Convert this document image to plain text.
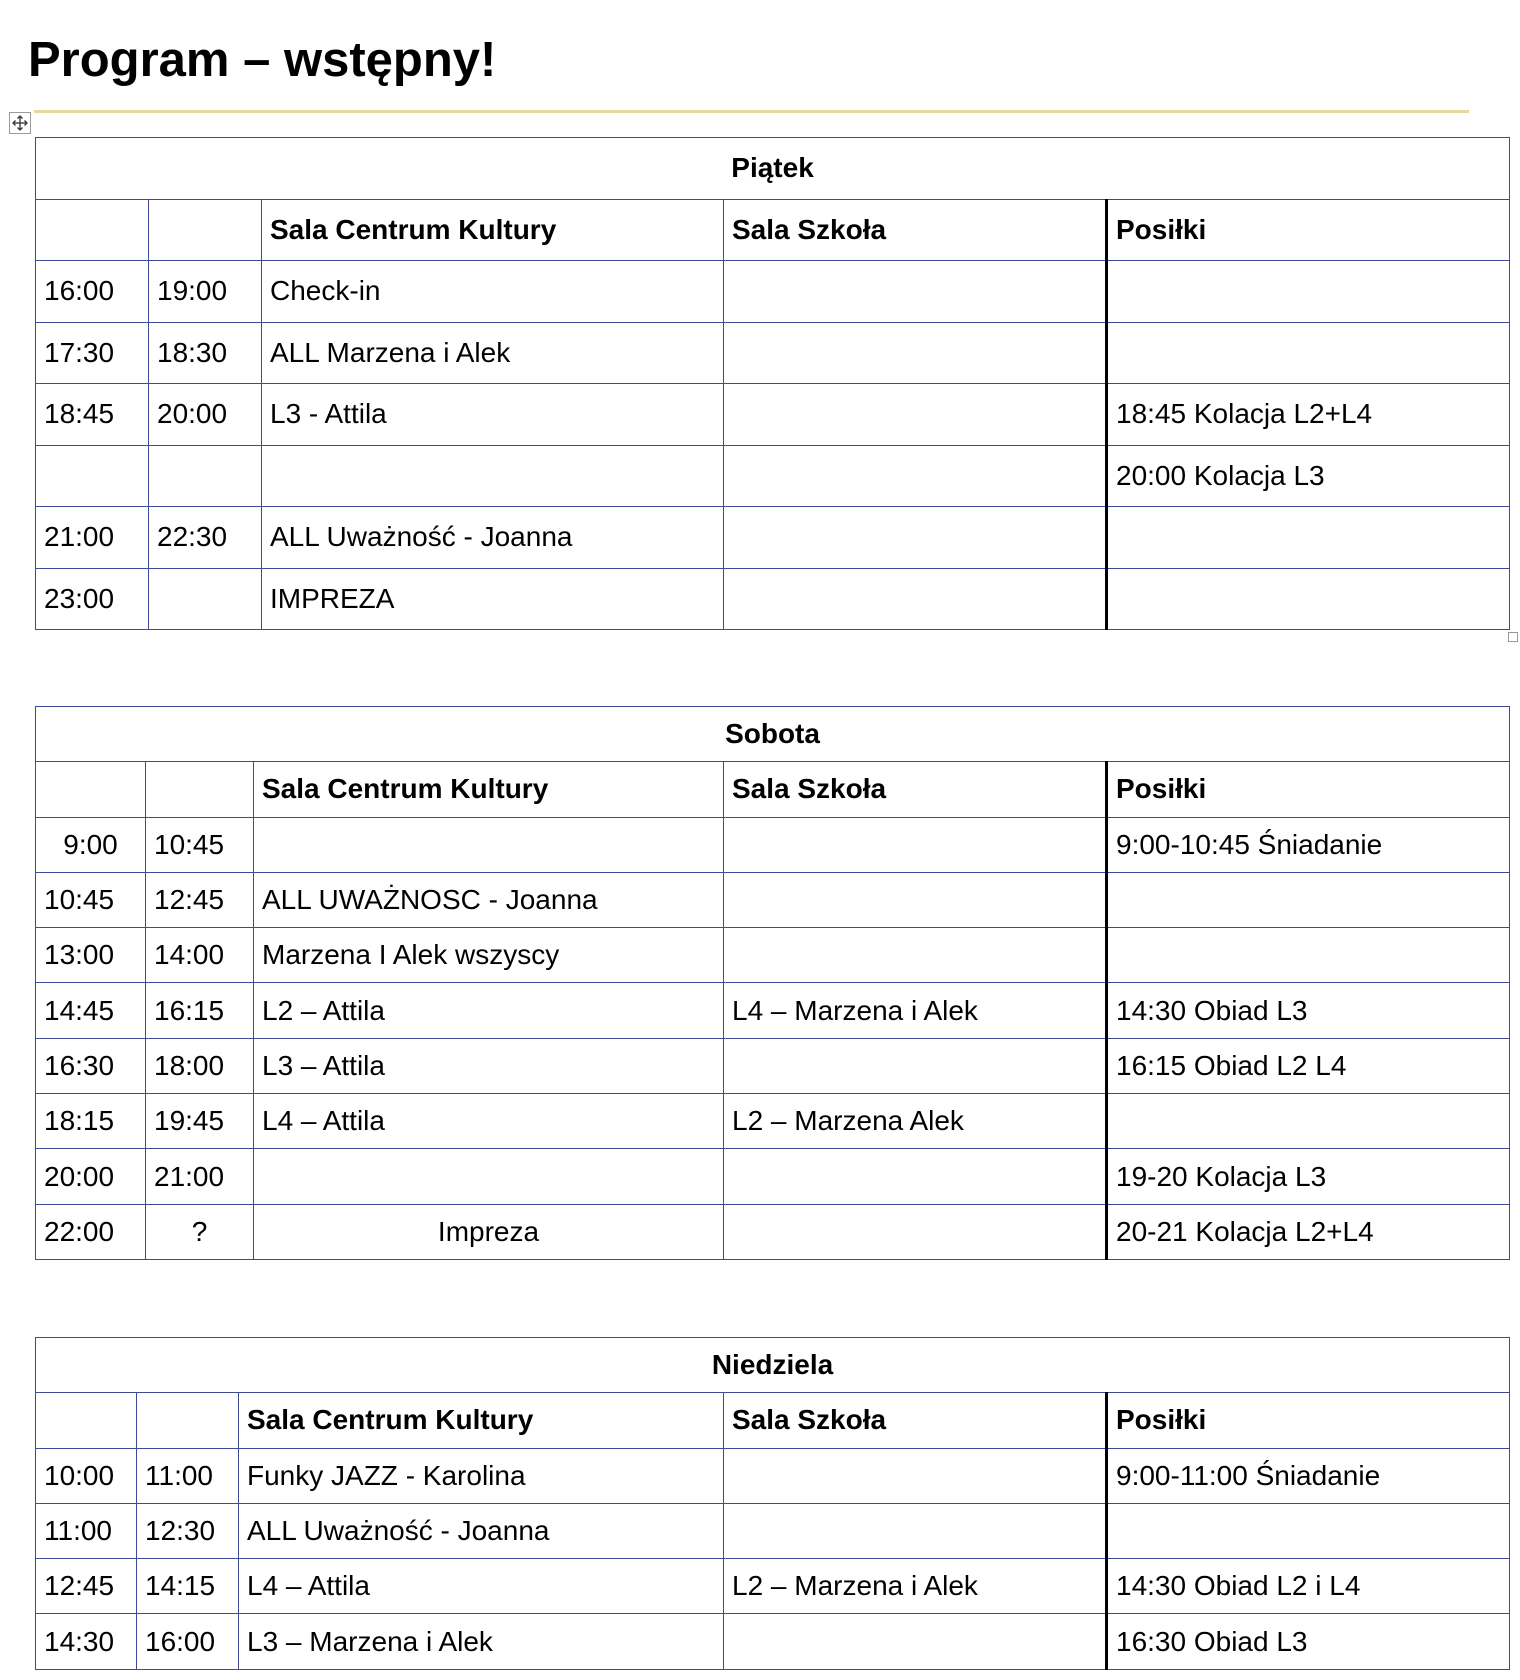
Program – wstępny!
Piątek				
		Sala Centrum Kultury	Sala Szkoła	Posiłki
16:00	19:00	Check-in		
17:30	18:30	ALL Marzena i Alek		
18:45	20:00	L3 - Attila		18:45 Kolacja L2+L4
				20:00 Kolacja L3
21:00	22:30	ALL Uważność - Joanna		
23:00		IMPREZA		
Sobota				
		Sala Centrum Kultury	Sala Szkoła	Posiłki
9:00	10:45			9:00-10:45 Śniadanie
10:45	12:45	ALL UWAŻNOSC - Joanna		
13:00	14:00	Marzena I Alek wszyscy		
14:45	16:15	L2 – Attila	L4 – Marzena i Alek	14:30 Obiad L3
16:30	18:00	L3 – Attila		16:15 Obiad L2 L4
18:15	19:45	L4 – Attila	L2 – Marzena Alek	
20:00	21:00			19-20 Kolacja L3
22:00	?	Impreza		20-21 Kolacja L2+L4
Niedziela				
		Sala Centrum Kultury	Sala Szkoła	Posiłki
10:00	11:00	Funky JAZZ - Karolina		9:00-11:00 Śniadanie
11:00	12:30	ALL Uważność - Joanna		
12:45	14:15	L4 – Attila	L2 – Marzena i Alek	14:30 Obiad L2 i L4
14:30	16:00	L3 – Marzena i Alek		16:30 Obiad L3
